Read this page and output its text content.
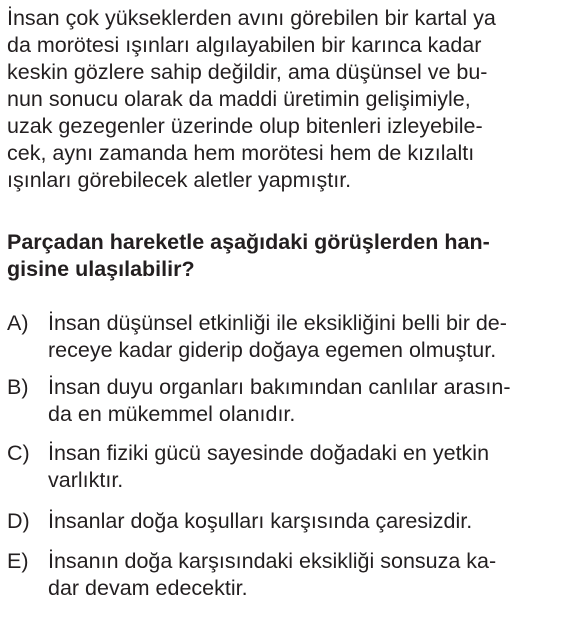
İnsan çok yükseklerden avını görebilen bir kartal ya
da morötesi ışınları algılayabilen bir karınca kadar
keskin gözlere sahip değildir, ama düşünsel ve bu-
nun sonucu olarak da maddi üretimin gelişimiyle,
uzak gezegenler üzerinde olup bitenleri izleyebile-
cek, aynı zamanda hem morötesi hem de kızılaltı
ışınları görebilecek aletler yapmıştır.
Parçadan hareketle aşağıdaki görüşlerden han-
gisine ulaşılabilir?
A) İnsan düşünsel etkinliği ile eksikliğini belli bir de-
receye kadar giderip doğaya egemen olmuştur.
B) İnsan duyu organları bakımından canlılar arasın-
da en mükemmel olanıdır.
C) İnsan fiziki gücü sayesinde doğadaki en yetkin
varlıktır.
D) İnsanlar doğa koşulları karşısında çaresizdir.
E) İnsanın doğa karşısındaki eksikliği sonsuza ka-
dar devam edecektir.
